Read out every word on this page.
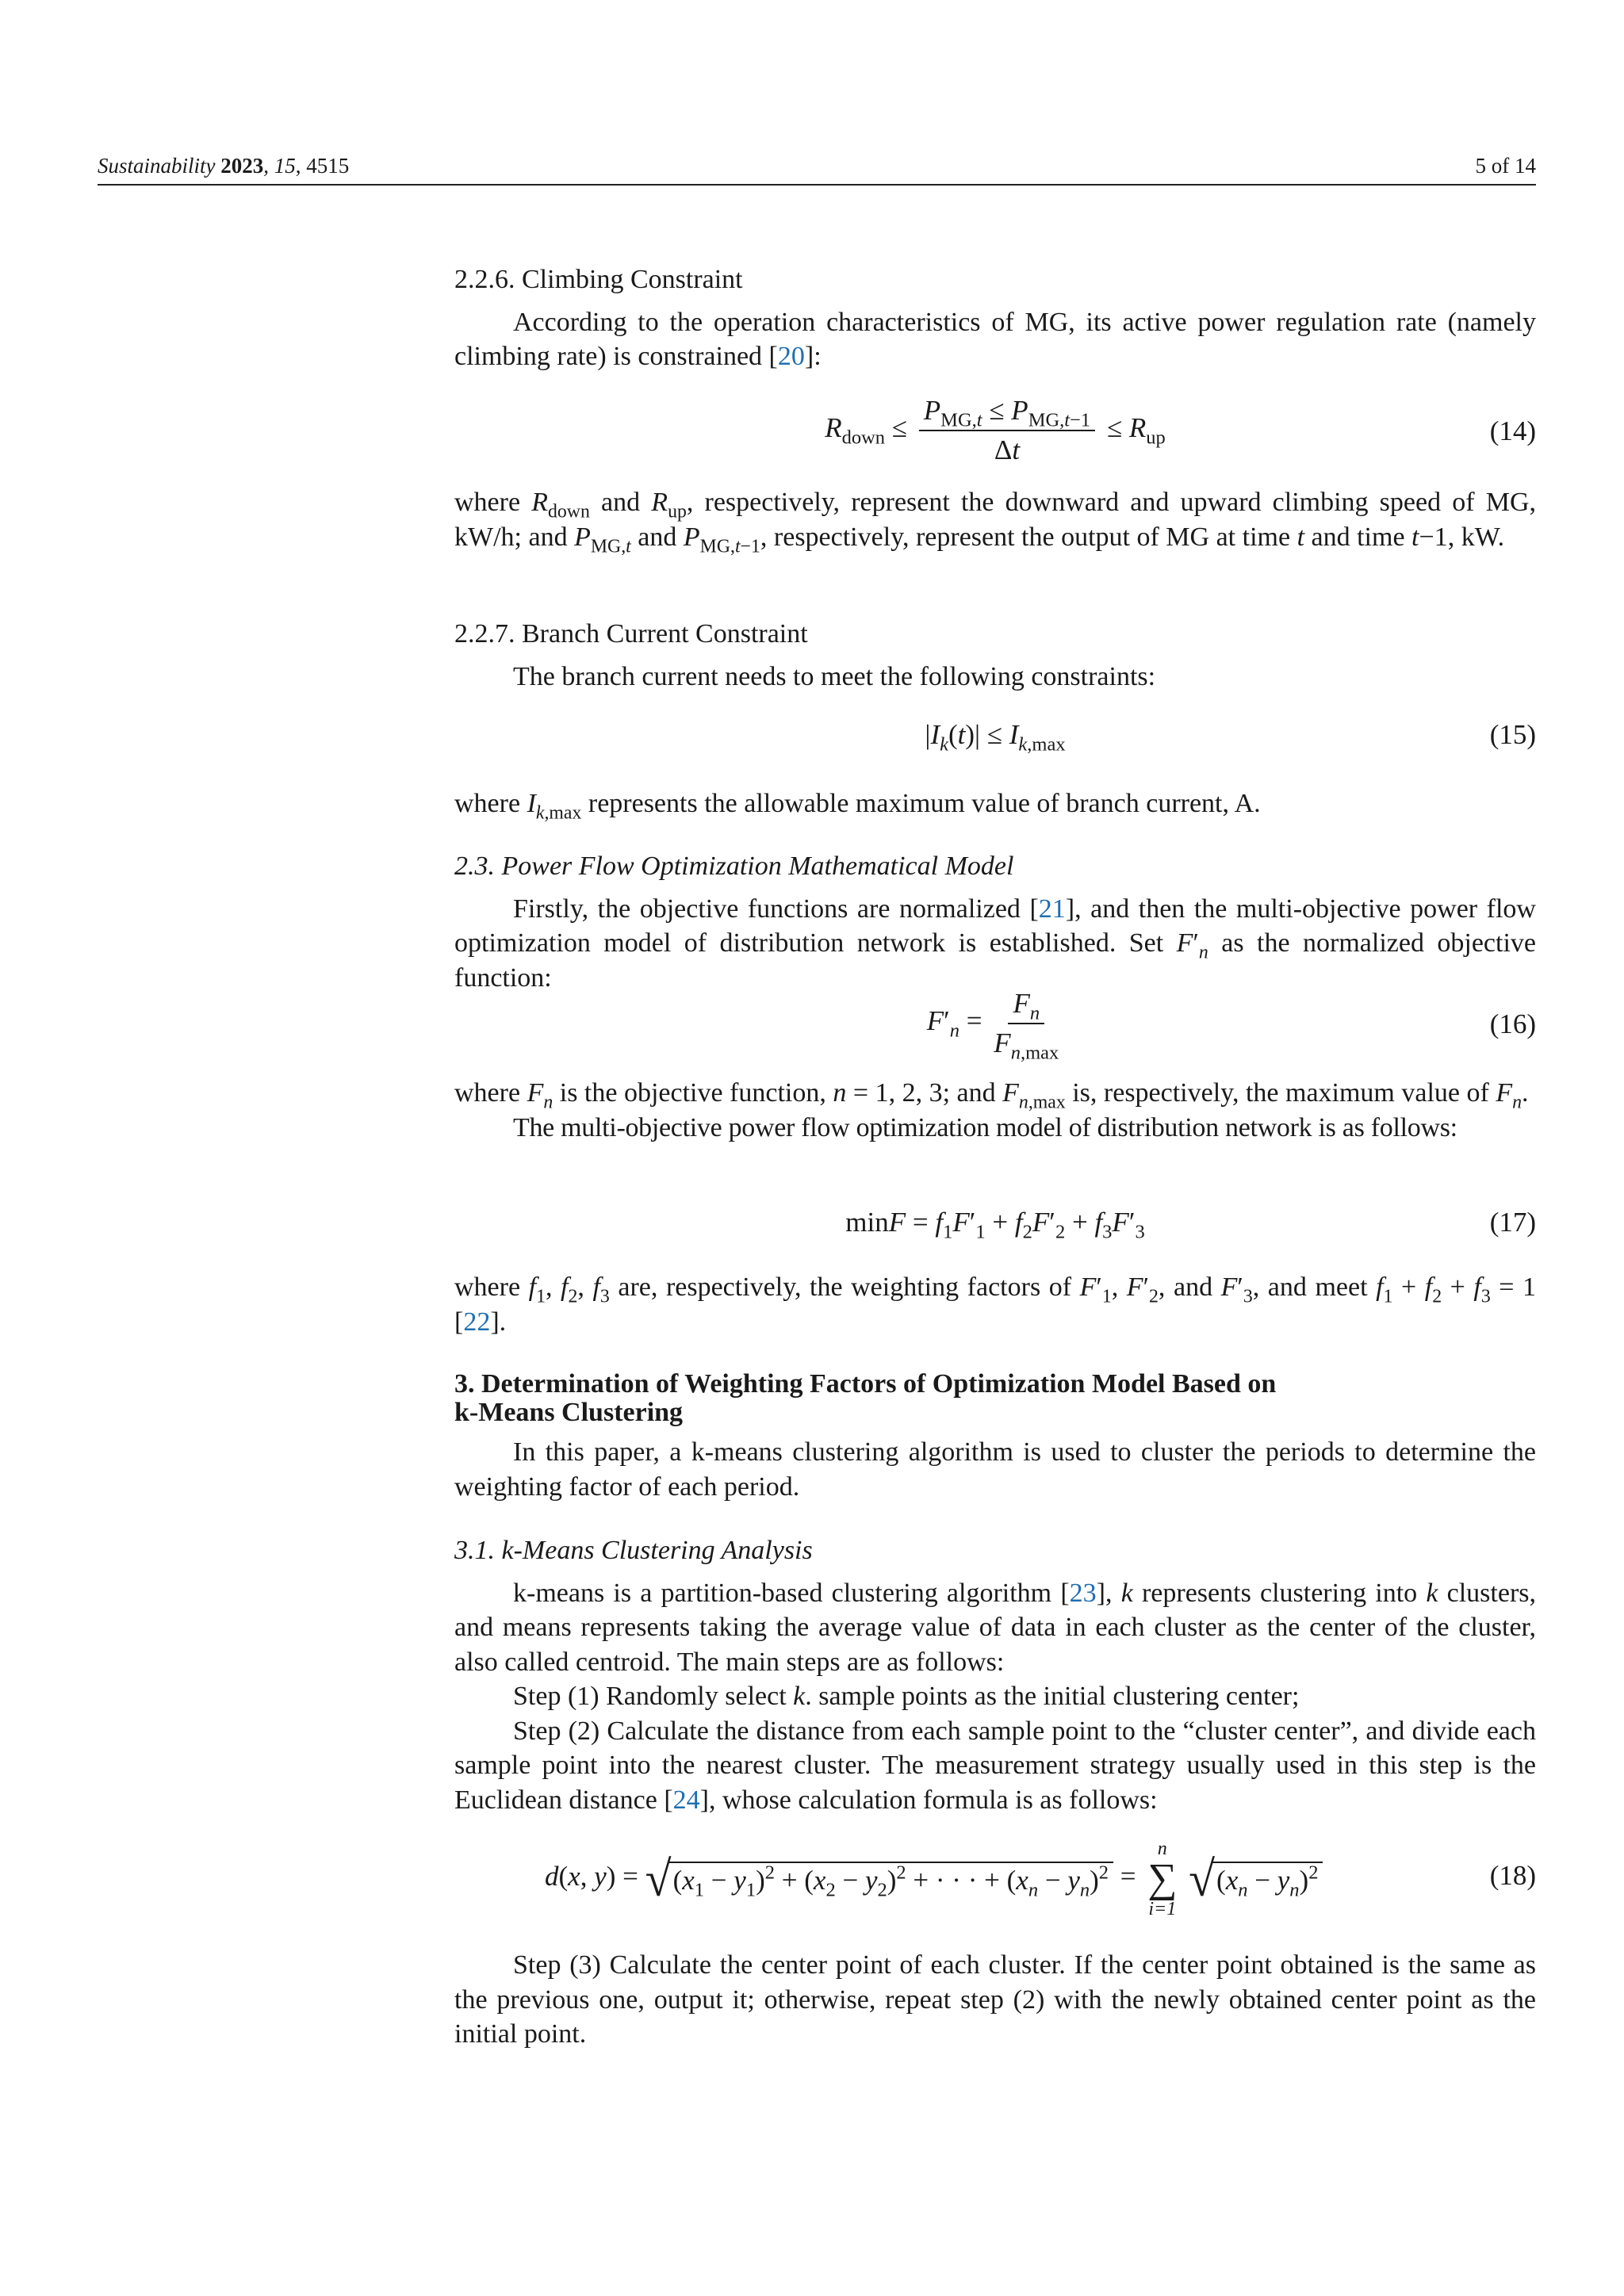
Sustainability 2023, 15, 4515	5 of 14
2.2.6. Climbing Constraint

According to the operation characteristics of MG, its active power regulation rate (namely climbing rate) is constrained [20]:

$R_{down} \le \frac{P_{MG,t} \le P_{MG,t-1}}{\Delta t} \le R_{up}$	(14)

where $R_{down}$ and $R_{up}$, respectively, represent the downward and upward climbing speed of MG, kW/h; and $P_{MG,t}$ and $P_{MG,t-1}$, respectively, represent the output of MG at time t and time t−1, kW.

2.2.7. Branch Current Constraint

The branch current needs to meet the following constraints:

$|I_k(t)| \le I_{k,max}$	(15)

where $I_{k,max}$ represents the allowable maximum value of branch current, A.

2.3. Power Flow Optimization Mathematical Model

Firstly, the objective functions are normalized [21], and then the multi-objective power flow optimization model of distribution network is established. Set $F'_n$ as the normalized objective function:

$F'_n = \frac{F_n}{F_{n,max}}$	(16)

where $F_n$ is the objective function, n = 1, 2, 3; and $F_{n,max}$ is, respectively, the maximum value of $F_n$.

The multi-objective power flow optimization model of distribution network is as follows:

$\min F = f_1F'_1 + f_2F'_2 + f_3F'_3$	(17)

where $f_1$, $f_2$, $f_3$ are, respectively, the weighting factors of $F'_1$, $F'_2$, and $F'_3$, and meet $f_1 + f_2 + f_3 = 1$ [22].

3. Determination of Weighting Factors of Optimization Model Based on
k-Means Clustering

In this paper, a k-means clustering algorithm is used to cluster the periods to determine the weighting factor of each period.

3.1. k-Means Clustering Analysis

k-means is a partition-based clustering algorithm [23], k represents clustering into k clusters, and means represents taking the average value of data in each cluster as the center of the cluster, also called centroid. The main steps are as follows:

Step (1) Randomly select k. sample points as the initial clustering center;

Step (2) Calculate the distance from each sample point to the “cluster center”, and divide each sample point into the nearest cluster. The measurement strategy usually used in this step is the Euclidean distance [24], whose calculation formula is as follows:

d(x, $y) = √(x_1 - y_1)^2 + (x_2 - y_2)^2$ + · · · + $(x_n - y_n)^2$ =
n
∑
i=1
$√(x_n - y_n)^2$	(18)

Step (3) Calculate the center point of each cluster. If the center point obtained is the same as the previous one, output it; otherwise, repeat step (2) with the newly obtained center point as the initial point.
